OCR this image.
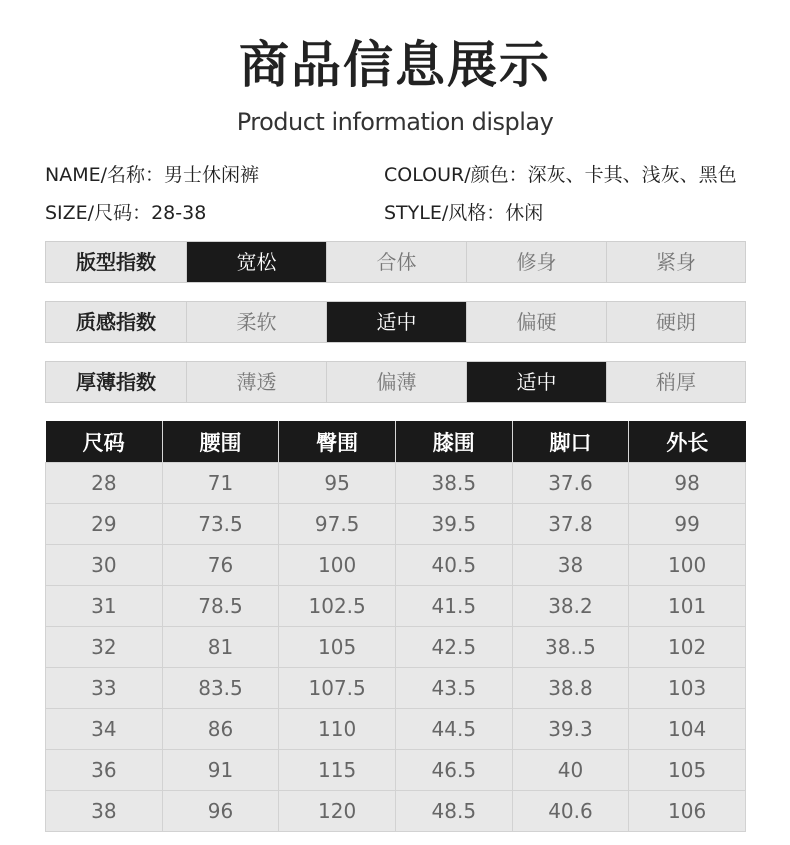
商品信息展示
Product information display
NAME/名称：男士休闲裤	COLOUR/颜色：深灰、卡其、浅灰、黑色
SIZE/尺码：28-38	STYLE/风格：休闲
版型指数	宽松	合体	修身	紧身
质感指数	柔软	适中	偏硬	硬朗
厚薄指数	薄透	偏薄	适中	稍厚
尺码	腰围	臀围	膝围	脚口	外长
28	71	95	38.5	37.6	98
29	73.5	97.5	39.5	37.8	99
30	76	100	40.5	38	100
31	78.5	102.5	41.5	38.2	101
32	81	105	42.5	38..5	102
33	83.5	107.5	43.5	38.8	103
34	86	110	44.5	39.3	104
36	91	115	46.5	40	105
38	96	120	48.5	40.6	106
